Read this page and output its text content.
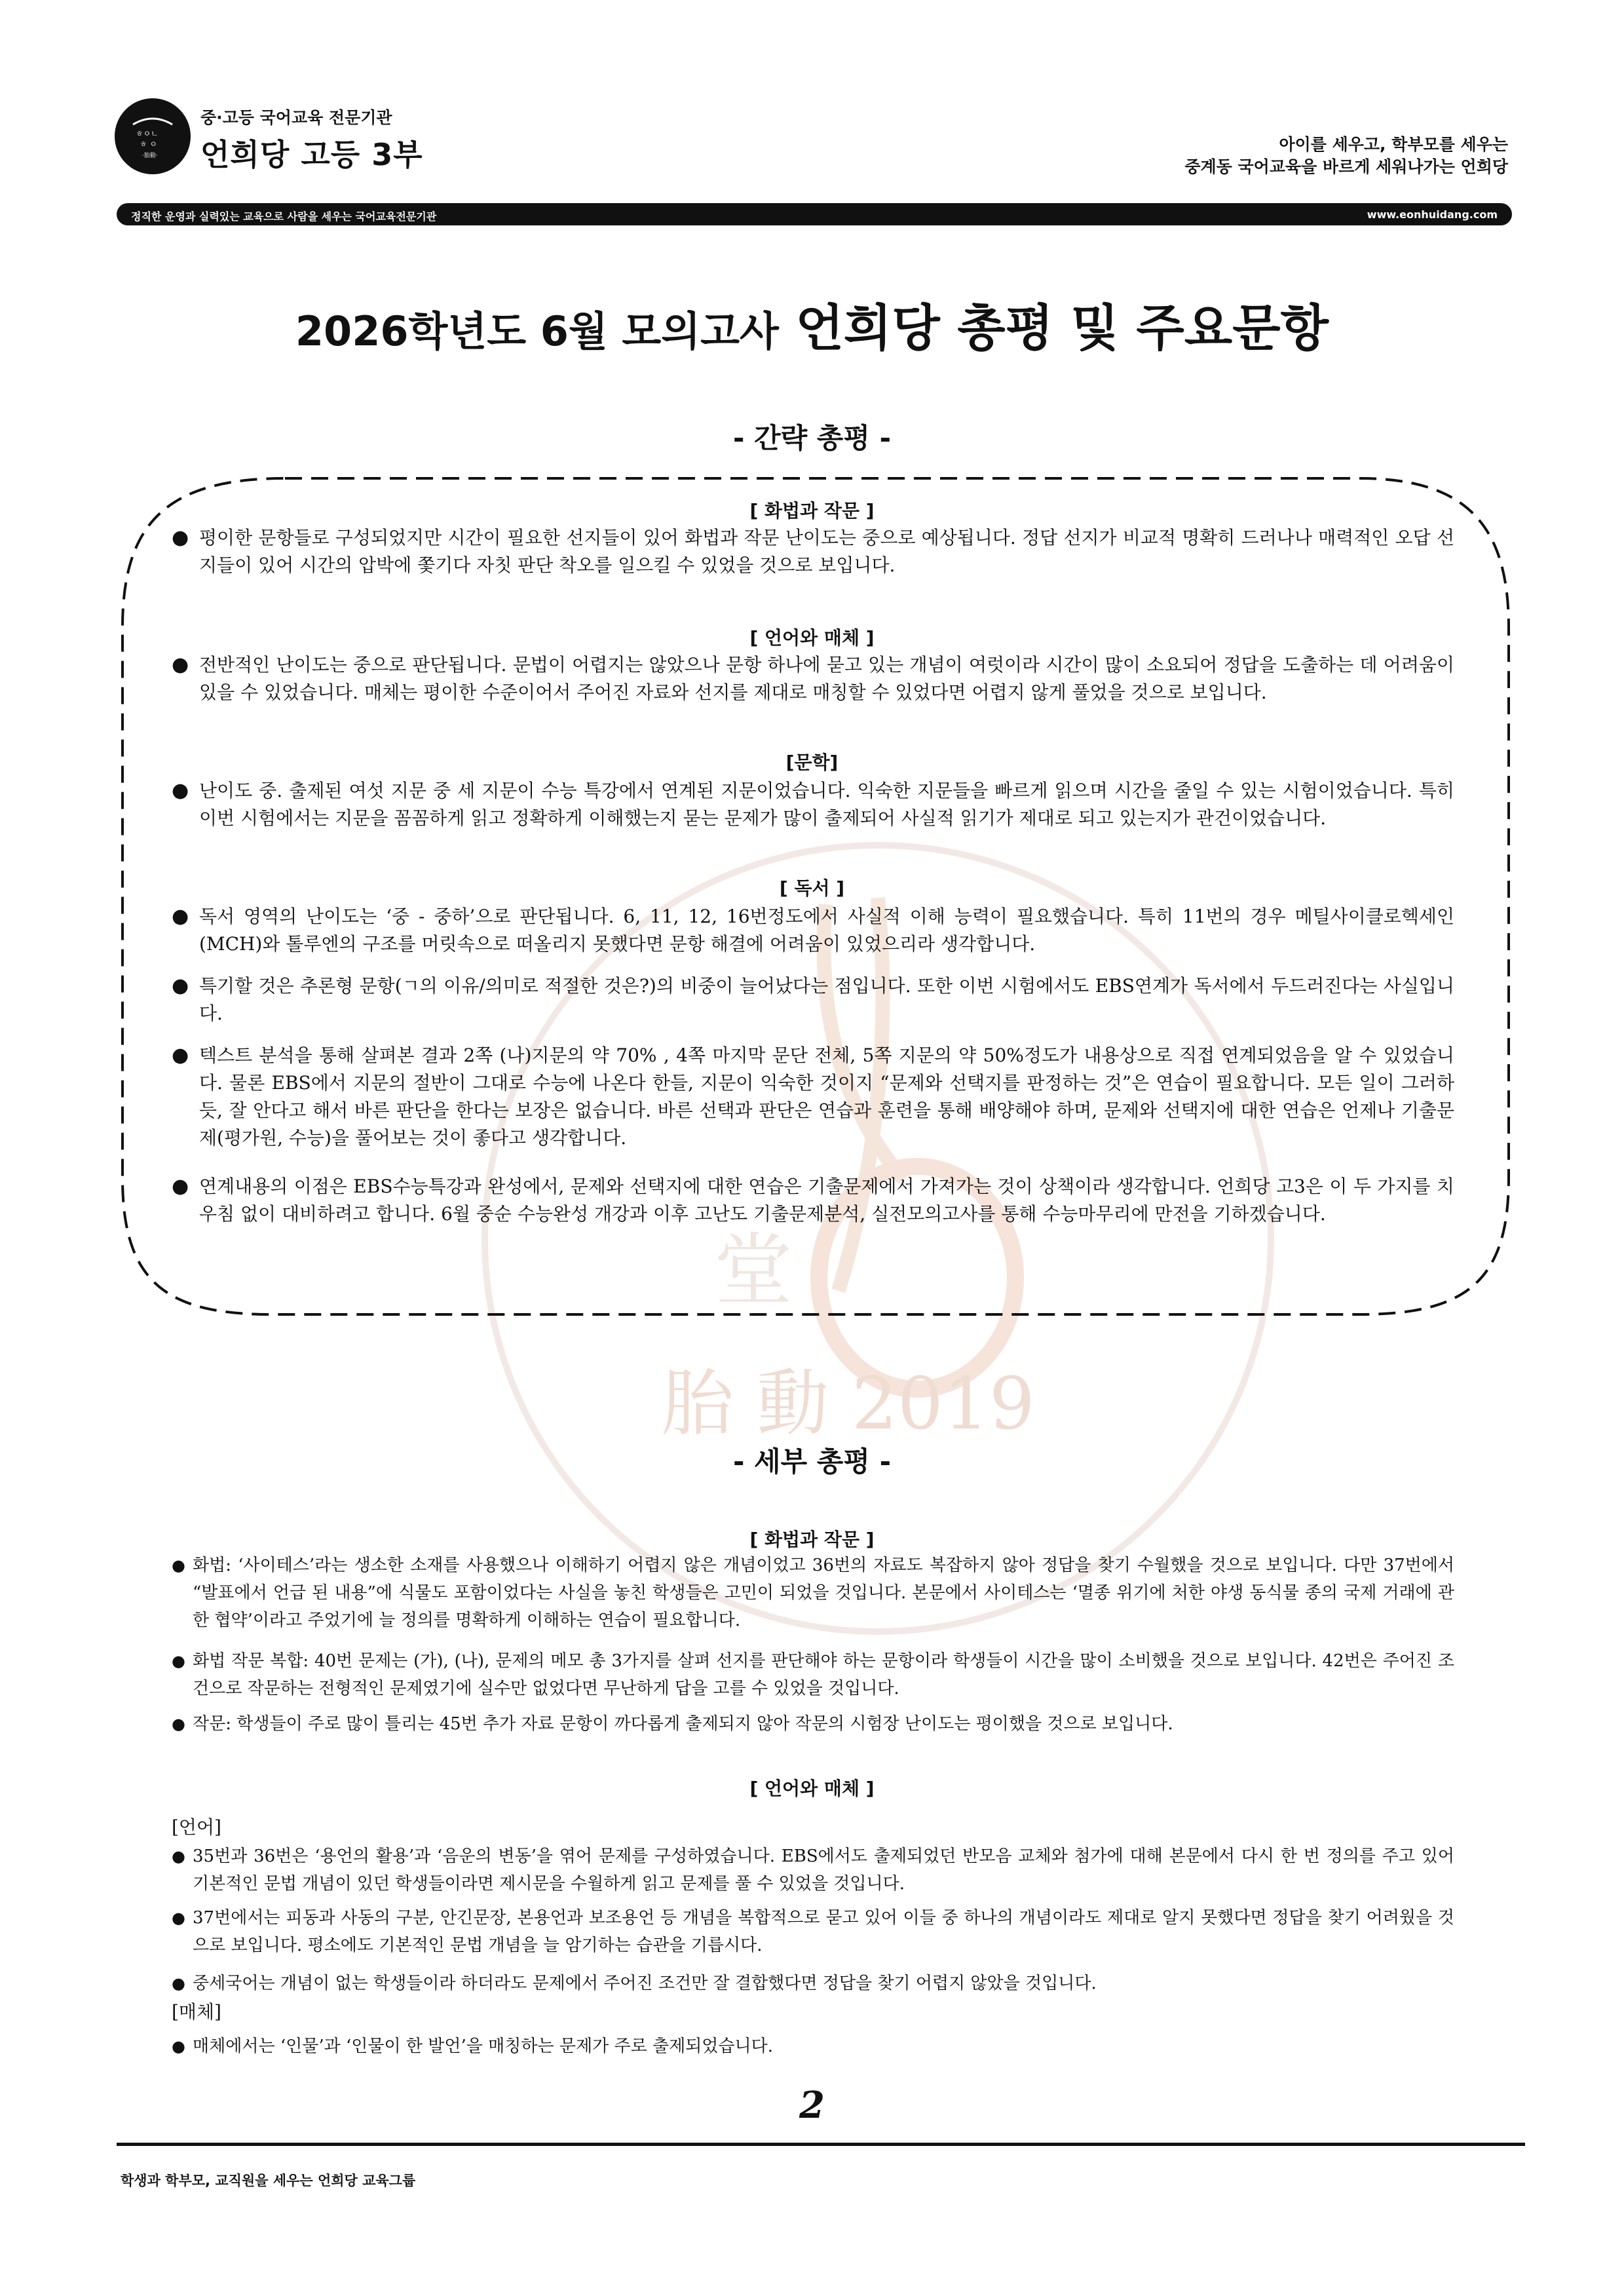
堂
胎 動 2019
ㅎㅇㄴ
ㅎ ㅇ
·胎動·
중·고등 국어교육 전문기관
언희당 고등 3부	아이를 세우고, 학부모를 세우는
중계동 국어교육을 바르게 세워나가는 언희당
정직한 운영과 실력있는 교육으로 사람을 세우는 국어교육전문기관	www.eonhuidang.com
2026학년도 6월 모의고사 언희당 총평 및 주요문항
- 간략 총평 -
[ 화법과 작문 ]
● 평이한 문항들로 구성되었지만 시간이 필요한 선지들이 있어 화법과 작문 난이도는 중으로 예상됩니다. 정답 선지가 비교적 명확히 드러나나 매력적인 오답 선지들이 있어 시간의 압박에 쫓기다 자칫 판단 착오를 일으킬 수 있었을 것으로 보입니다.
[ 언어와 매체 ]
● 전반적인 난이도는 중으로 판단됩니다. 문법이 어렵지는 않았으나 문항 하나에 묻고 있는 개념이 여럿이라 시간이 많이 소요되어 정답을 도출하는 데 어려움이 있을 수 있었습니다. 매체는 평이한 수준이어서 주어진 자료와 선지를 제대로 매칭할 수 있었다면 어렵지 않게 풀었을 것으로 보입니다.
[문학]
● 난이도 중. 출제된 여섯 지문 중 세 지문이 수능 특강에서 연계된 지문이었습니다. 익숙한 지문들을 빠르게 읽으며 시간을 줄일 수 있는 시험이었습니다. 특히 이번 시험에서는 지문을 꼼꼼하게 읽고 정확하게 이해했는지 묻는 문제가 많이 출제되어 사실적 읽기가 제대로 되고 있는지가 관건이었습니다.
[ 독서 ]
● 독서 영역의 난이도는 ‘중 - 중하’으로 판단됩니다. 6, 11, 12, 16번정도에서 사실적 이해 능력이 필요했습니다. 특히 11번의 경우 메틸사이클로헥세인(MCH)와 톨루엔의 구조를 머릿속으로 떠올리지 못했다면 문항 해결에 어려움이 있었으리라 생각합니다.
● 특기할 것은 추론형 문항(ㄱ의 이유/의미로 적절한 것은?)의 비중이 늘어났다는 점입니다. 또한 이번 시험에서도 EBS연계가 독서에서 두드러진다는 사실입니다.
● 텍스트 분석을 통해 살펴본 결과 2쪽 (나)지문의 약 70% , 4쪽 마지막 문단 전체, 5쪽 지문의 약 50%정도가 내용상으로 직접 연계되었음을 알 수 있었습니다. 물론 EBS에서 지문의 절반이 그대로 수능에 나온다 한들, 지문이 익숙한 것이지 “문제와 선택지를 판정하는 것”은 연습이 필요합니다. 모든 일이 그러하듯, 잘 안다고 해서 바른 판단을 한다는 보장은 없습니다. 바른 선택과 판단은 연습과 훈련을 통해 배양해야 하며, 문제와 선택지에 대한 연습은 언제나 기출문제(평가원, 수능)을 풀어보는 것이 좋다고 생각합니다.
● 연계내용의 이점은 EBS수능특강과 완성에서, 문제와 선택지에 대한 연습은 기출문제에서 가져가는 것이 상책이라 생각합니다. 언희당 고3은 이 두 가지를 치우침 없이 대비하려고 합니다. 6월 중순 수능완성 개강과 이후 고난도 기출문제분석, 실전모의고사를 통해 수능마무리에 만전을 기하겠습니다.
- 세부 총평 -
[ 화법과 작문 ]
● 화법: ‘사이테스’라는 생소한 소재를 사용했으나 이해하기 어렵지 않은 개념이었고 36번의 자료도 복잡하지 않아 정답을 찾기 수월했을 것으로 보입니다. 다만 37번에서 “발표에서 언급 된 내용”에 식물도 포함이었다는 사실을 놓친 학생들은 고민이 되었을 것입니다. 본문에서 사이테스는 ‘멸종 위기에 처한 야생 동식물 종의 국제 거래에 관한 협약’이라고 주었기에 늘 정의를 명확하게 이해하는 연습이 필요합니다.
● 화법 작문 복합: 40번 문제는 (가), (나), 문제의 메모 총 3가지를 살펴 선지를 판단해야 하는 문항이라 학생들이 시간을 많이 소비했을 것으로 보입니다. 42번은 주어진 조건으로 작문하는 전형적인 문제였기에 실수만 없었다면 무난하게 답을 고를 수 있었을 것입니다.
● 작문: 학생들이 주로 많이 틀리는 45번 추가 자료 문항이 까다롭게 출제되지 않아 작문의 시험장 난이도는 평이했을 것으로 보입니다.
[ 언어와 매체 ]
[언어]
● 35번과 36번은 ‘용언의 활용’과 ‘음운의 변동’을 엮어 문제를 구성하였습니다. EBS에서도 출제되었던 반모음 교체와 첨가에 대해 본문에서 다시 한 번 정의를 주고 있어 기본적인 문법 개념이 있던 학생들이라면 제시문을 수월하게 읽고 문제를 풀 수 있었을 것입니다.
● 37번에서는 피동과 사동의 구분, 안긴문장, 본용언과 보조용언 등 개념을 복합적으로 묻고 있어 이들 중 하나의 개념이라도 제대로 알지 못했다면 정답을 찾기 어려웠을 것으로 보입니다. 평소에도 기본적인 문법 개념을 늘 암기하는 습관을 기릅시다.
● 중세국어는 개념이 없는 학생들이라 하더라도 문제에서 주어진 조건만 잘 결합했다면 정답을 찾기 어렵지 않았을 것입니다.
[매체]
● 매체에서는 ‘인물’과 ‘인물이 한 발언’을 매칭하는 문제가 주로 출제되었습니다.
2
학생과 학부모, 교직원을 세우는 언희당 교육그룹
